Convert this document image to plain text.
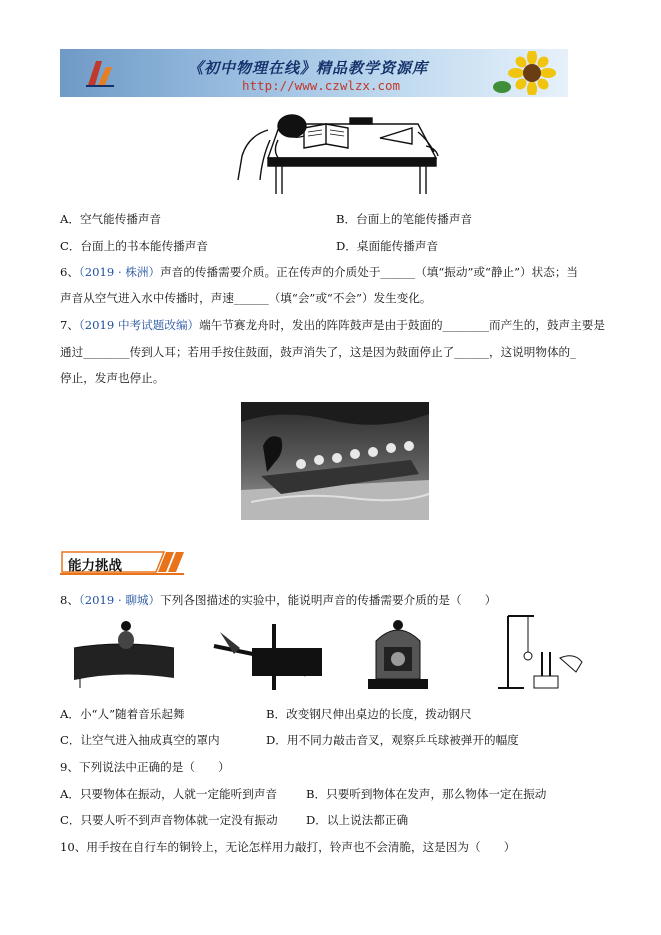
《初中物理在线》精品教学资源库
http://www.czwlzx.com
A．空气能传播声音	B．台面上的笔能传播声音
C．台面上的书本能传播声音	D．桌面能传播声音
6、（2019 · 株洲）声音的传播需要介质。正在传声的介质处于______（填“振动”或“静止”）状态；当
声音从空气进入水中传播时，声速______（填“会”或“不会”）发生变化。
7、（2019 中考试题改编）端午节赛龙舟时，发出的阵阵鼓声是由于鼓面的________而产生的，鼓声主要是
通过________传到人耳；若用手按住鼓面，鼓声消失了，这是因为鼓面停止了______，这说明物体的_
停止，发声也停止。
能力挑战
8、（2019 · 聊城）下列各图描述的实验中，能说明声音的传播需要介质的是（　　）
A．小“人”随着音乐起舞	B．改变钢尺伸出桌边的长度，拨动钢尺
C．让空气进入抽成真空的罩内	D．用不同力敲击音叉，观察乒乓球被弹开的幅度
9、下列说法中正确的是（　　）
A．只要物体在振动，人就一定能听到声音 B．只要听到物体在发声，那么物体一定在振动
C．只要人听不到声音物体就一定没有振动 D．以上说法都正确
10、用手按在自行车的铜铃上，无论怎样用力敲打，铃声也不会清脆，这是因为（　　）
